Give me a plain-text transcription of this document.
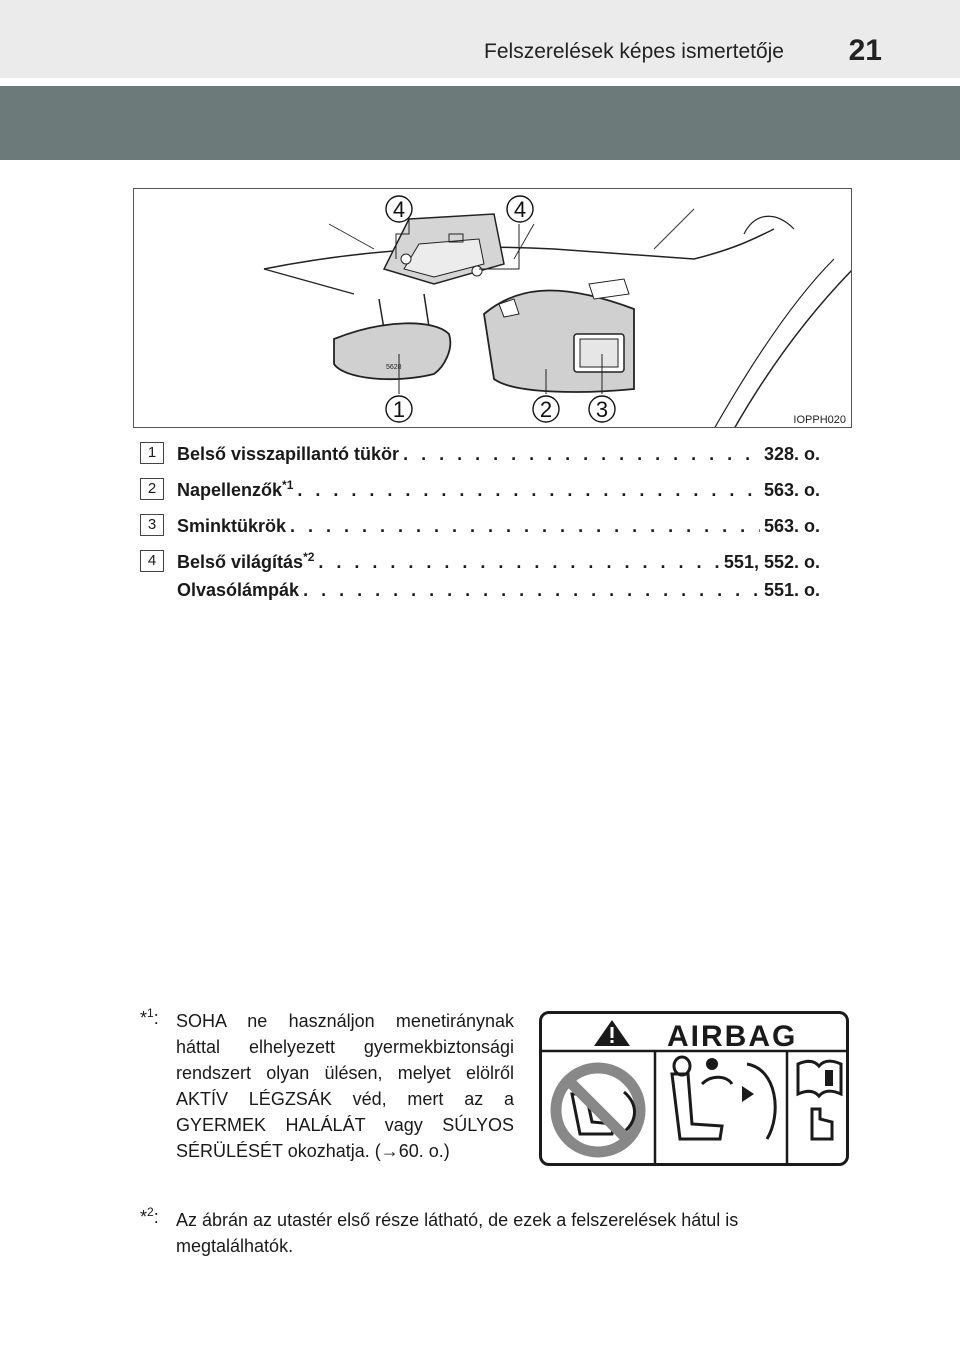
Felszerelések képes ismertetője 21
5628
4	4
1	2 3	IOPPH020
1	Belső visszapillantó tükör . . .	328. o.
2	Napellenzők$^{*1}$ . . .	563. o.
3	Sminktükrök . . .	563. o.
4	Belső világítás$^{*2}$ . . .	551, 552. o.
Olvasólámpák . . .	551. o.
*$^1$: SOHA ne használjon menetiránynak háttal elhelyezett gyermekbiztonsági rendszert olyan ülésen, melyet elölről AKTÍV LÉGZSÁK véd, mert az a GYERMEK HALÁLÁT vagy SÚLYOS SÉRÜLÉSÉT okozhatja. (→60. o.)
AIRBAG
*$^2$: Az ábrán az utastér első része látható, de ezek a felszerelések hátul is megtalálhatók.
